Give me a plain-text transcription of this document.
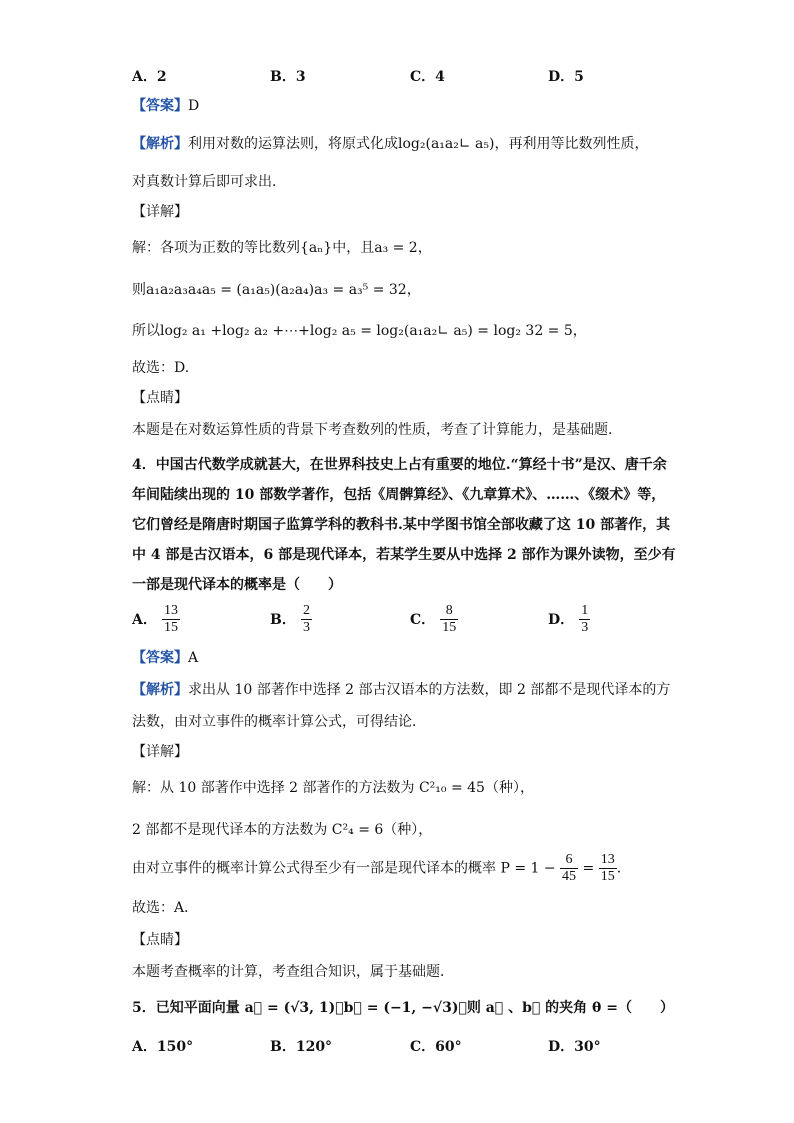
A．2	B．3	C．4	D．5
【答案】D
【解析】利用对数的运算法则，将原式化成log₂(a₁a₂∟ a₅)，再利用等比数列性质，
对真数计算后即可求出．
【详解】
解：各项为正数的等比数列{aₙ}中，且a₃ = 2，
则a₁a₂a₃a₄a₅ = (a₁a₅)(a₂a₄)a₃ = a₃⁵ = 32，
所以log₂ a₁ +log₂ a₂ +⋯+log₂ a₅ = log₂(a₁a₂∟ a₅) = log₂ 32 = 5，
故选：D.
【点睛】
本题是在对数运算性质的背景下考查数列的性质，考查了计算能力，是基础题.
4．中国古代数学成就甚大，在世界科技史上占有重要的地位.“算经十书”是汉、唐千余
年间陆续出现的 10 部数学著作，包括《周髀算经》、《九章算术》、……、《缀术》等，
它们曾经是隋唐时期国子监算学科的教科书.某中学图书馆全部收藏了这 10 部著作，其
中 4 部是古汉语本，6 部是现代译本，若某学生要从中选择 2 部作为课外读物，至少有
一部是现代译本的概率是（　　）
A． $\frac{13}{15}$	B． $\frac{2}{3}$	C． $\frac{8}{15}$	D． $\frac{1}{3}$
【答案】A
【解析】求出从 10 部著作中选择 2 部古汉语本的方法数，即 2 部都不是现代译本的方
法数，由对立事件的概率计算公式，可得结论．
【详解】
解：从 10 部著作中选择 2 部著作的方法数为 C²₁₀ = 45（种），
2 部都不是现代译本的方法数为 C²₄ = 6（种），
由对立事件的概率计算公式得至少有一部是现代译本的概率 $P = 1 - \frac{6}{45} = \frac{13}{15}$ ．
故选：A．
【点睛】
本题考查概率的计算，考查组合知识，属于基础题．
5．已知平面向量 a⃗ = (√3, 1)，b⃗ = (−1, −√3)，则 a⃗ 、b⃗ 的夹角 θ =（　　）
A．150°	B．120°	C．60°	D．30°
